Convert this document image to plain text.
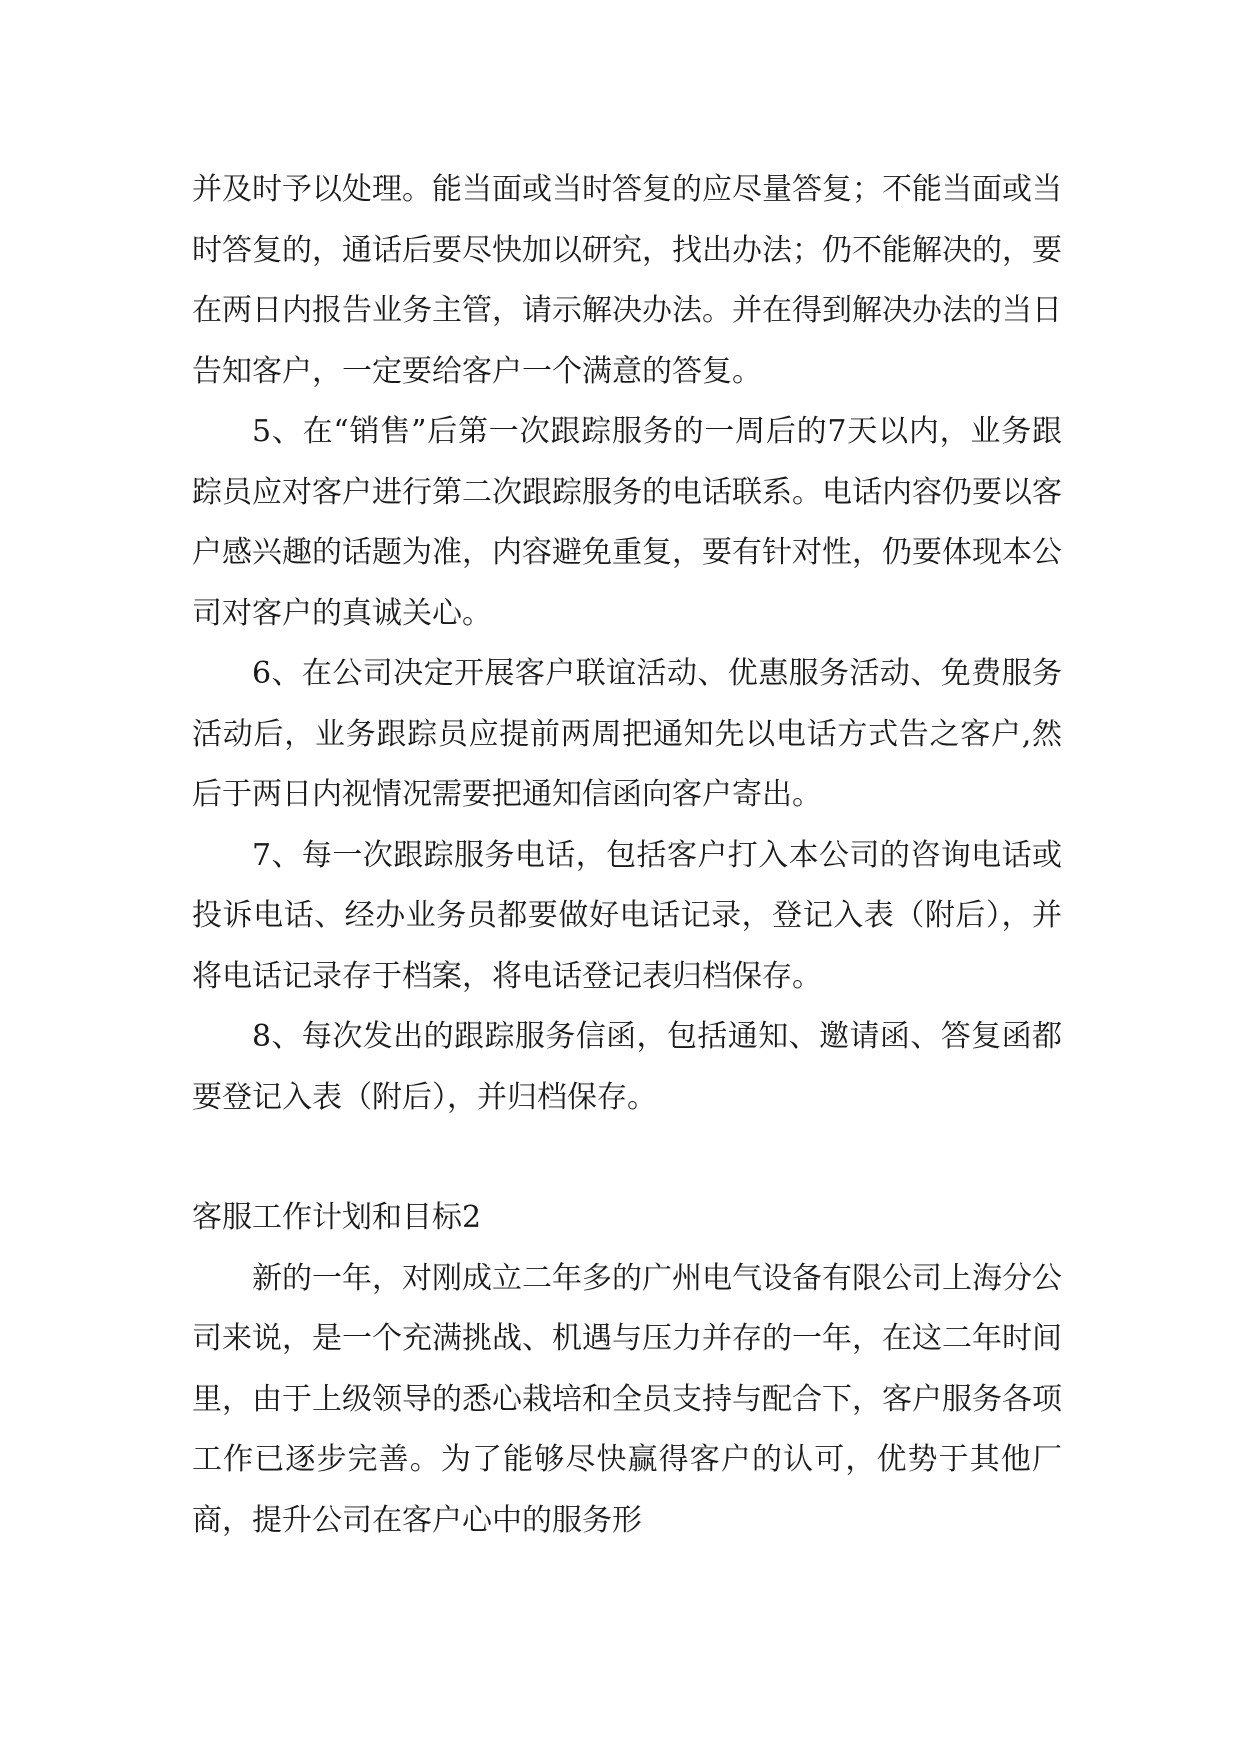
并及时予以处理。能当面或当时答复的应尽量答复；不能当面或当时答复的，通话后要尽快加以研究，找出办法；仍不能解决的，要在两日内报告业务主管，请示解决办法。并在得到解决办法的当日告知客户，一定要给客户一个满意的答复。

5、在“销售”后第一次跟踪服务的一周后的7天以内，业务跟踪员应对客户进行第二次跟踪服务的电话联系。电话内容仍要以客户感兴趣的话题为准，内容避免重复，要有针对性，仍要体现本公司对客户的真诚关心。

6、在公司决定开展客户联谊活动、优惠服务活动、免费服务活动后，业务跟踪员应提前两周把通知先以电话方式告之客户,然后于两日内视情况需要把通知信函向客户寄出。

7、每一次跟踪服务电话，包括客户打入本公司的咨询电话或投诉电话、经办业务员都要做好电话记录，登记入表（附后），并将电话记录存于档案，将电话登记表归档保存。

8、每次发出的跟踪服务信函，包括通知、邀请函、答复函都要登记入表（附后），并归档保存。

客服工作计划和目标2

新的一年，对刚成立二年多的广州电气设备有限公司上海分公司来说，是一个充满挑战、机遇与压力并存的一年，在这二年时间里，由于上级领导的悉心栽培和全员支持与配合下，客户服务各项工作已逐步完善。为了能够尽快赢得客户的认可，优势于其他厂商，提升公司在客户心中的服务形
